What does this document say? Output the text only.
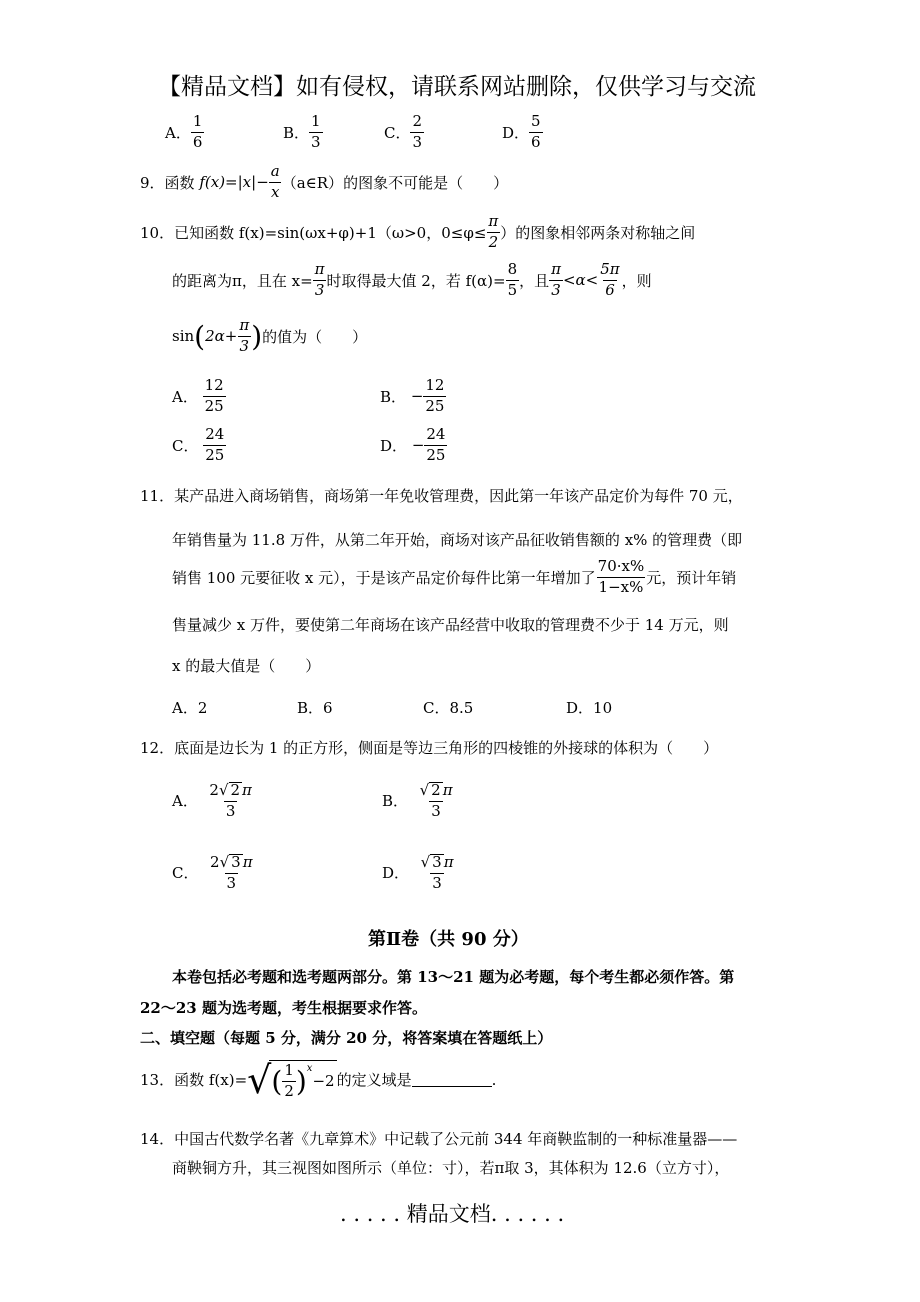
【精品文档】如有侵权，请联系网站删除，仅供学习与交流
A． $\frac{1}{6}$	B． $\frac{1}{3}$	C． $\frac{2}{3}$	D． $\frac{5}{6}$
9． 函数
$f(x)=|x|- \frac{a}{x}$ （a∈R） 的图象不可能是（　　）
10． 已知函数 f(x)=sin(ωx+φ)+1（ω>0，$0\le\varphi\le \frac{\pi}{2}$ ）的图象相邻两条对称轴之间
的距离为π，且在 $x= \frac{\pi}{3}$ 时取得最大值 2，若 $f(\alpha)= \frac{8}{5}$ ，且 $\frac{\pi}{3} <\alpha< \frac{5\pi}{6}$ ，则
sin ( $2\alpha+ \frac{\pi}{3}$ ) 的值为（　　）
A．
$\frac{12}{25}$	B．
− $\frac{12}{25}$
C．
$\frac{24}{25}$	D．
− $\frac{24}{25}$
11．某产品进入商场销售，商场第一年免收管理费，因此第一年该产品定价为每件 70 元，
年销售量为 11.8 万件，从第二年开始，商场对该产品征收销售额的 x% 的管理费（即
销售 100 元要征收 x 元），于是该产品定价每件比第一年增加了 $\frac{70\cdot x\%}{1-x\%}$ 元，预计年销
售量减少 x 万件，要使第二年商场在该产品经营中收取的管理费不少于 14 万元，则
x 的最大值是（　　）
A．2	B．6	C．8.5	D．10
12．底面是边长为 1 的正方形，侧面是等边三角形的四棱锥的外接球的体积为（　　）
A．
$\frac{2√ 2 \pi}{3}$	B．
$\frac{√ 2 \pi}{3}$
C．
$\frac{2√ 3 \pi}{3}$	D．
$\frac{√ 3 \pi}{3}$
第Ⅱ卷（共 90 分）
本卷包括必考题和选考题两部分。第 13～21 题为必考题，每个考生都必须作答。第
22～23 题为选考题，考生根据要求作答。
二、填空题（每题 5 分，满分 20 分，将答案填在答题纸上）
13． 函数 f(x)= √ ( $\frac{1}{2} )^x$
−2 的定义域是	.
14．中国古代数学名著《九章算术》中记载了公元前 344 年商鞅监制的一种标准量器——
商鞅铜方升，其三视图如图所示（单位：寸），若π取 3，其体积为 12.6（立方寸），
. . . . . 精品文档. . . . . .
